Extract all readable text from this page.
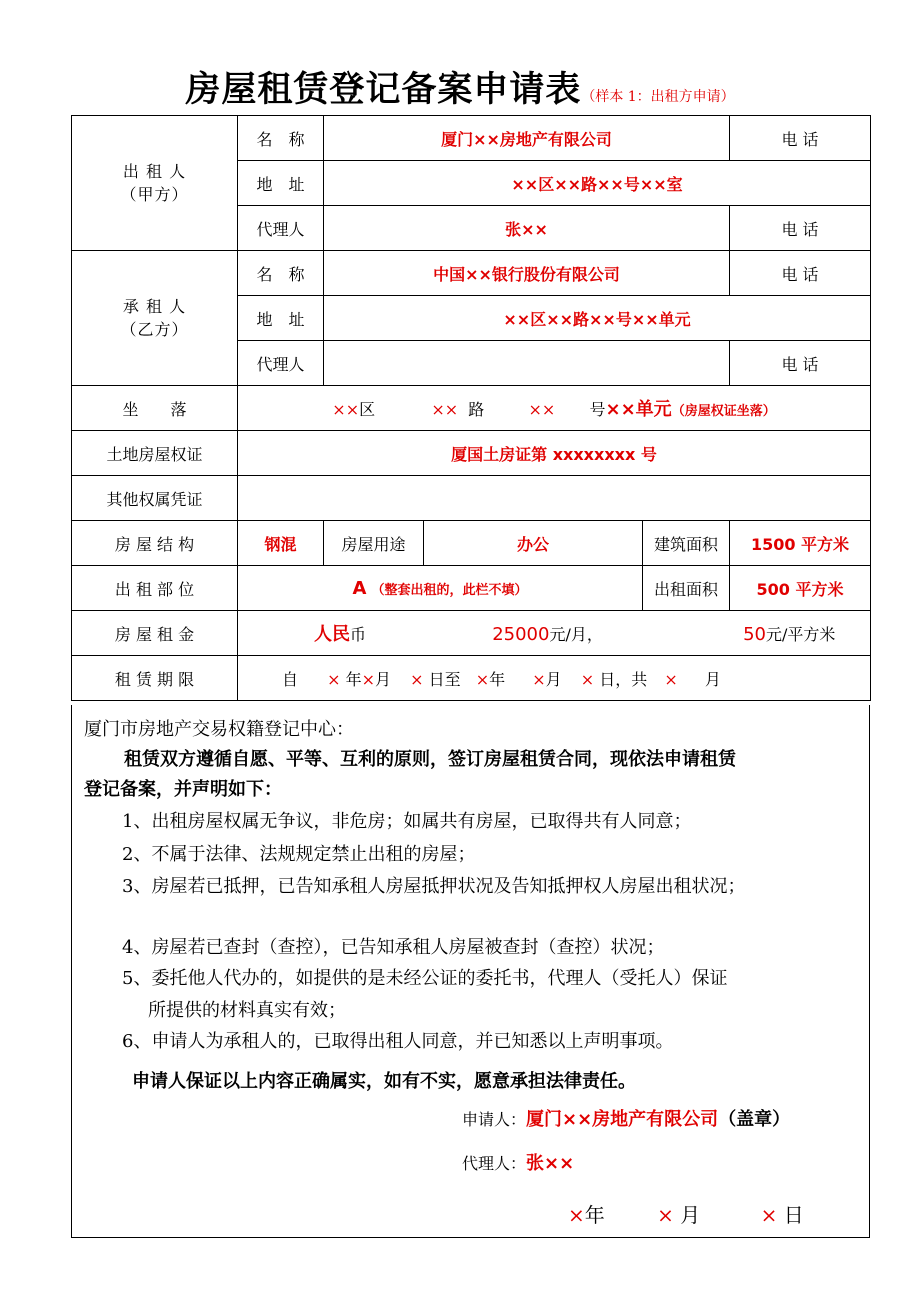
房屋租赁登记备案申请表（样本 1：出租方申请）
出 租 人
（甲方）	名　称	厦门××房地产有限公司			电 话	
	地　址	××区××路××号××室				
	代理人	张××			电 话	

承 租 人
（乙方）	名　称	中国××银行股份有限公司			电 话	
	地　址	××区××路××号××单元				
	代理人				电 话	
坐　　落	××区 ×× 路 ×× 号××单元（房屋权证坐落）					
土地房屋权证	厦国土房证第 xxxxxxxx 号					
其他权属凭证						
房 屋 结 构	钢混	房屋用途	办公	建筑面积	1500 平方米	
出 租 部 位	A （整套出租的，此栏不填）			出租面积	500 平方米	
房 屋 租 金	人民币 25000元/月， 50元/平方米					
租 赁 期 限	自 × 年×月 × 日至 ×年 ×月 × 日，共 × 月					

厦门市房地产交易权籍登记中心：

租赁双方遵循自愿、平等、互利的原则，签订房屋租赁合同，现依法申请租赁

登记备案，并声明如下：

1、出租房屋权属无争议，非危房；如属共有房屋，已取得共有人同意；

2、不属于法律、法规规定禁止出租的房屋；

3、房屋若已抵押，已告知承租人房屋抵押状况及告知抵押权人房屋出租状况；

4、房屋若已查封（查控），已告知承租人房屋被查封（查控）状况；

5、委托他人代办的，如提供的是未经公证的委托书，代理人（受托人）保证

所提供的材料真实有效；

6、申请人为承租人的，已取得出租人同意，并已知悉以上声明事项。

申请人保证以上内容正确属实，如有不实，愿意承担法律责任。

申请人：厦门××房地产有限公司（盖章）

代理人：张××

×年	× 月	× 日
